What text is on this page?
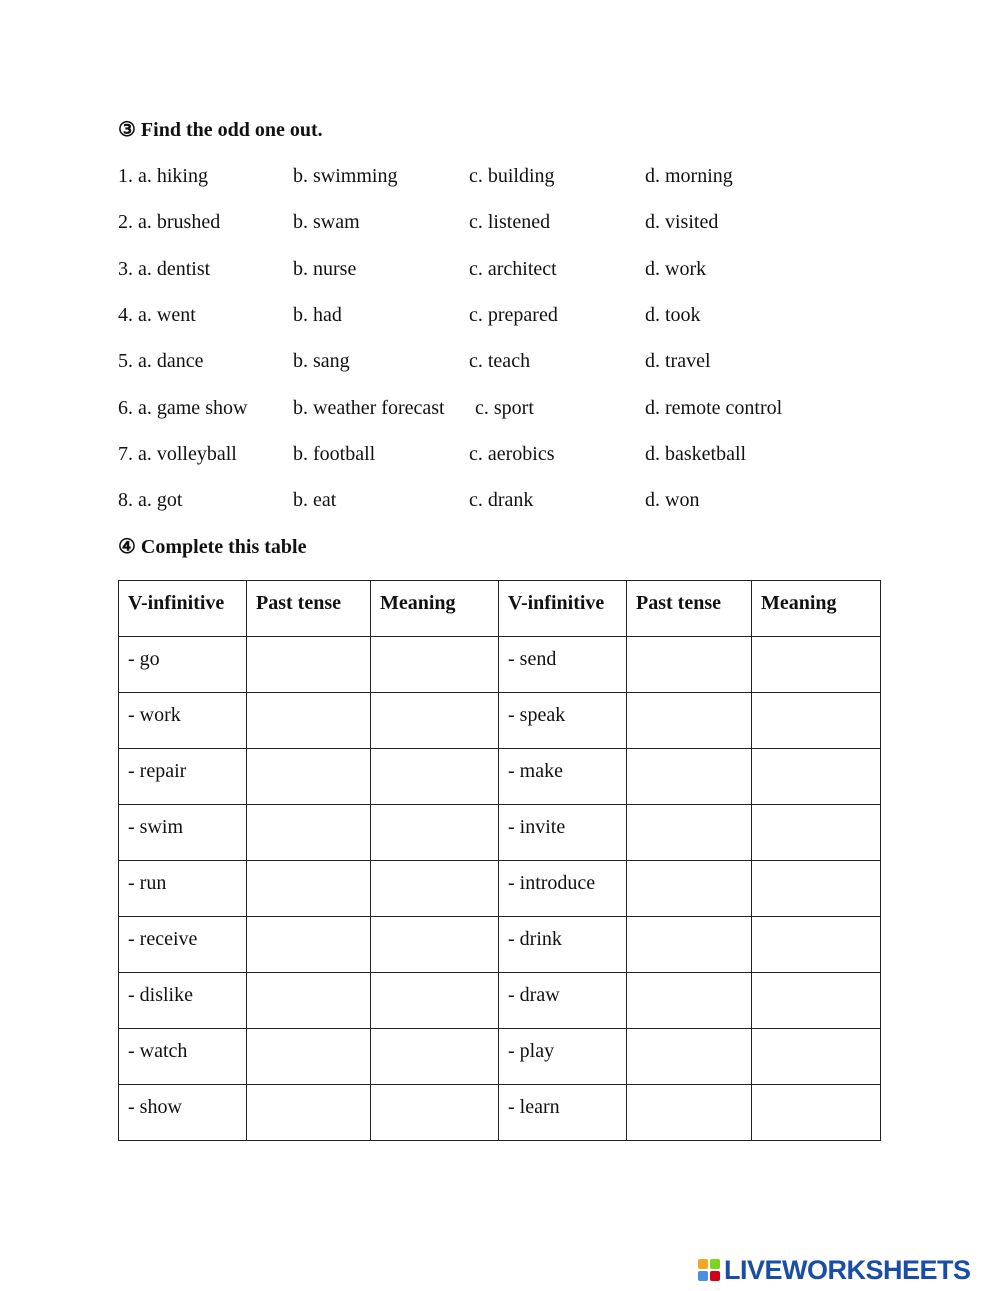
③ Find the odd one out.
1. a. hiking	b. swimming	c. building	d. morning
2. a. brushed	b. swam	c. listened	d. visited
3. a. dentist	b. nurse	c. architect	d. work
4. a. went	b. had	c. prepared	d. took
5. a. dance	b. sang	c. teach	d. travel
6. a. game show b. weather forecast c. sport	d. remote control
7. a. volleyball	b. football	c. aerobics	d. basketball
8. a. got	b. eat	c. drank	d. won
④ Complete this table
V-infinitive	Past tense	Meaning	V-infinitive	Past tense	Meaning
- go			- send		
- work			- speak		
- repair			- make		
- swim			- invite		
- run			- introduce		
- receive			- drink		
- dislike			- draw		
- watch			- play		
- show			- learn		
LIVEWORKSHEETS
